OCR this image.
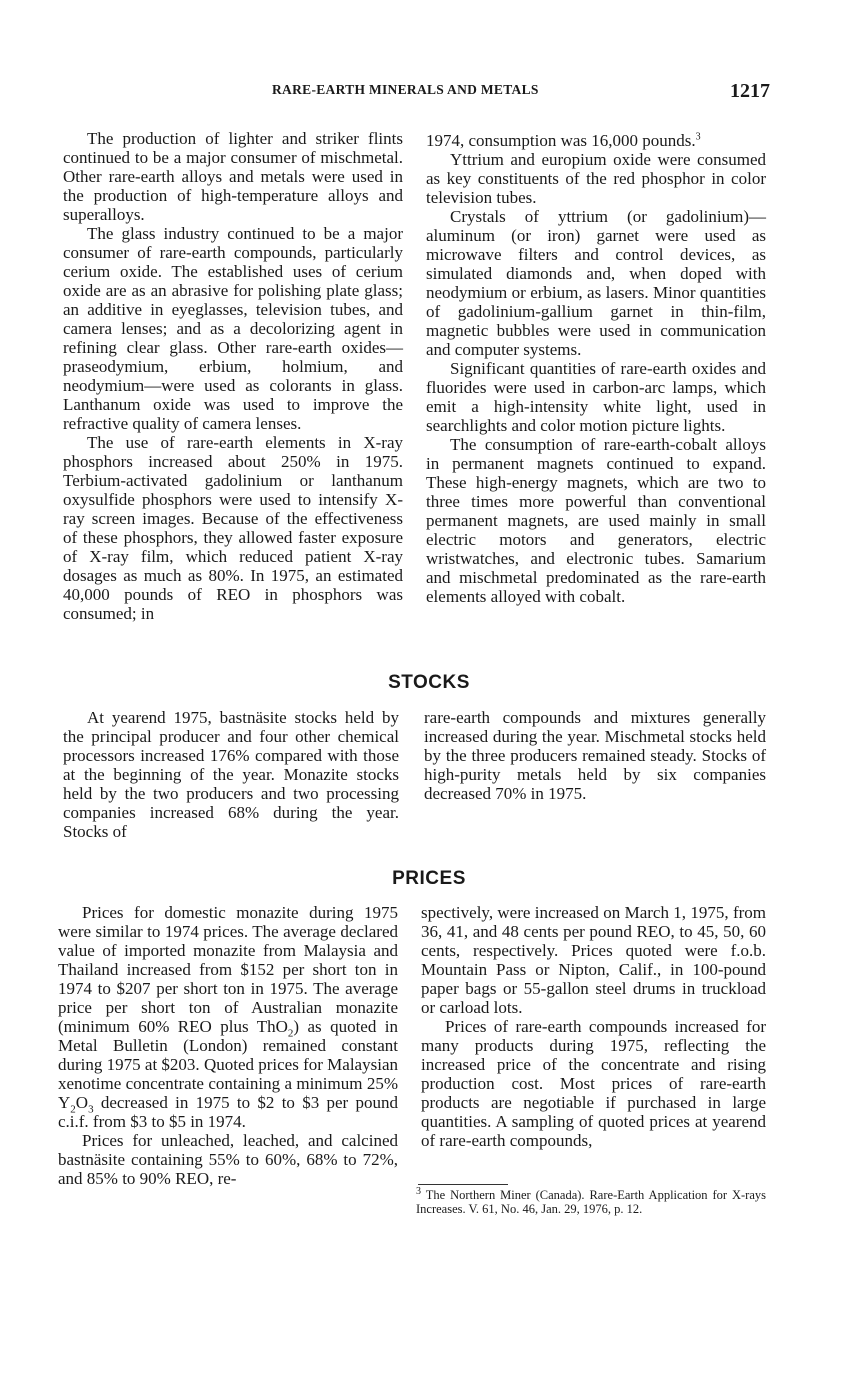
RARE-EARTH MINERALS AND METALS	1217

The production of lighter and striker flints continued to be a major consumer of mischmetal. Other rare-earth alloys and metals were used in the production of high-temperature alloys and superalloys.

The glass industry continued to be a major consumer of rare-earth compounds, particularly cerium oxide. The established uses of cerium oxide are as an abrasive for polishing plate glass; an additive in eyeglasses, television tubes, and camera lenses; and as a decolorizing agent in refining clear glass. Other rare-earth oxides—praseodymium, erbium, holmium, and neodymium—were used as colorants in glass. Lanthanum oxide was used to improve the refractive quality of camera lenses.

The use of rare-earth elements in X-ray phosphors increased about 250% in 1975. Terbium-activated gadolinium or lanthanum oxysulfide phosphors were used to intensify X-ray screen images. Because of the effectiveness of these phosphors, they allowed faster exposure of X-ray film, which reduced patient X-ray dosages as much as 80%. In 1975, an estimated 40,000 pounds of REO in phosphors was consumed; in

1974, consumption was 16,000 pounds.$^3$

Yttrium and europium oxide were consumed as key constituents of the red phosphor in color television tubes.

Crystals of yttrium (or gadolinium)—aluminum (or iron) garnet were used as microwave filters and control devices, as simulated diamonds and, when doped with neodymium or erbium, as lasers. Minor quantities of gadolinium-gallium garnet in thin-film, magnetic bubbles were used in communication and computer systems.

Significant quantities of rare-earth oxides and fluorides were used in carbon-arc lamps, which emit a high-intensity white light, used in searchlights and color motion picture lights.

The consumption of rare-earth-cobalt alloys in permanent magnets continued to expand. These high-energy magnets, which are two to three times more powerful than conventional permanent magnets, are used mainly in small electric motors and generators, electric wristwatches, and electronic tubes. Samarium and mischmetal predominated as the rare-earth elements alloyed with cobalt.

STOCKS

At yearend 1975, bastnäsite stocks held by the principal producer and four other chemical processors increased 176% compared with those at the beginning of the year. Monazite stocks held by the two producers and two processing companies increased 68% during the year. Stocks of

rare-earth compounds and mixtures generally increased during the year. Mischmetal stocks held by the three producers remained steady. Stocks of high-purity metals held by six companies decreased 70% in 1975.

PRICES

Prices for domestic monazite during 1975 were similar to 1974 prices. The average declared value of imported monazite from Malaysia and Thailand increased from $152 per short ton in 1974 to $207 per short ton in 1975. The average price per short ton of Australian monazite (minimum 60% REO plus ThO$_2$) as quoted in Metal Bulletin (London) remained constant during 1975 at $203. Quoted prices for Malaysian xenotime concentrate containing a minimum 25% $Y_2O_3$ decreased in 1975 to $2 to $3 per pound c.i.f. from $3 to $5 in 1974.

Prices for unleached, leached, and calcined bastnäsite containing 55% to 60%, 68% to 72%, and 85% to 90% REO, re-

spectively, were increased on March 1, 1975, from 36, 41, and 48 cents per pound REO, to 45, 50, 60 cents, respectively. Prices quoted were f.o.b. Mountain Pass or Nipton, Calif., in 100-pound paper bags or 55-gallon steel drums in truckload or carload lots.

Prices of rare-earth compounds increased for many products during 1975, reflecting the increased price of the concentrate and rising production cost. Most prices of rare-earth products are negotiable if purchased in large quantities. A sampling of quoted prices at yearend of rare-earth compounds,

$^3$ The Northern Miner (Canada). Rare-Earth Application for X-rays Increases. V. 61, No. 46, Jan. 29, 1976, p. 12.
